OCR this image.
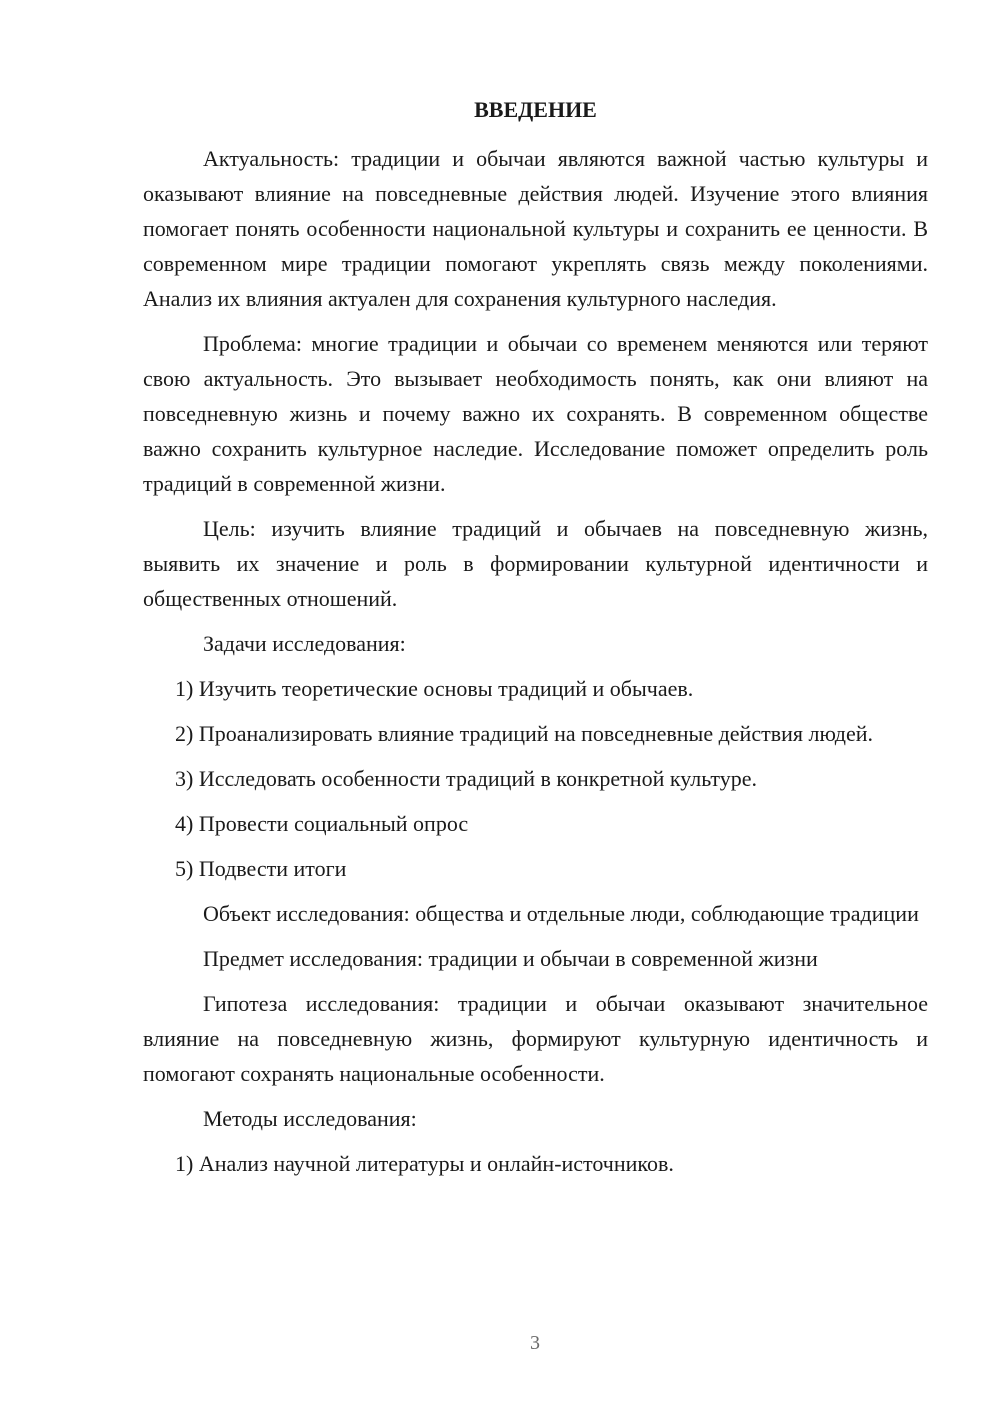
ВВЕДЕНИЕ

Актуальность: традиции и обычаи являются важной частью культуры и оказывают влияние на повседневные действия людей. Изучение этого влияния помогает понять особенности национальной культуры и сохранить ее ценности. В современном мире традиции помогают укреплять связь между поколениями. Анализ их влияния актуален для сохранения культурного наследия.

Проблема: многие традиции и обычаи со временем меняются или теряют свою актуальность. Это вызывает необходимость понять, как они влияют на повседневную жизнь и почему важно их сохранять. В современном обществе важно сохранить культурное наследие. Исследование поможет определить роль традиций в современной жизни.

Цель: изучить влияние традиций и обычаев на повседневную жизнь, выявить их значение и роль в формировании культурной идентичности и общественных отношений.

Задачи исследования:

1) Изучить теоретические основы традиций и обычаев.

2) Проанализировать влияние традиций на повседневные действия людей.

3) Исследовать особенности традиций в конкретной культуре.

4) Провести социальный опрос

5) Подвести итоги

Объект исследования: общества и отдельные люди, соблюдающие традиции

Предмет исследования: традиции и обычаи в современной жизни

Гипотеза исследования: традиции и обычаи оказывают значительное влияние на повседневную жизнь, формируют культурную идентичность и помогают сохранять национальные особенности.

Методы исследования:

1) Анализ научной литературы и онлайн-источников.

3
